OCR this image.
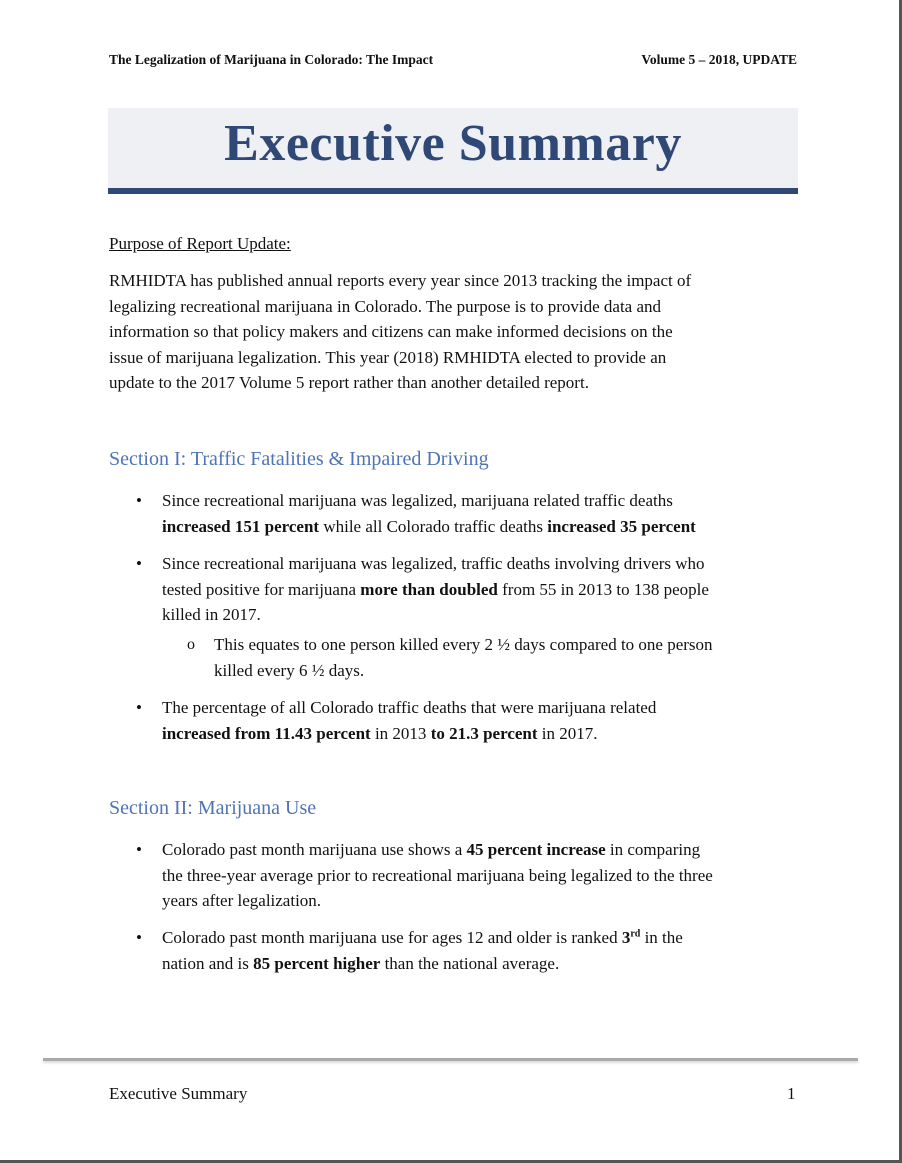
The Legalization of Marijuana in Colorado: The Impact	Volume 5 – 2018, UPDATE
Executive Summary
Purpose of Report Update:
RMHIDTA has published annual reports every year since 2013 tracking the impact of
legalizing recreational marijuana in Colorado. The purpose is to provide data and
information so that policy makers and citizens can make informed decisions on the
issue of marijuana legalization. This year (2018) RMHIDTA elected to provide an
update to the 2017 Volume 5 report rather than another detailed report.
Section I: Traffic Fatalities & Impaired Driving
• Since recreational marijuana was legalized, marijuana related traffic deaths
increased 151 percent while all Colorado traffic deaths increased 35 percent
• Since recreational marijuana was legalized, traffic deaths involving drivers who
tested positive for marijuana more than doubled from 55 in 2013 to 138 people
killed in 2017.
o This equates to one person killed every 2 ½ days compared to one person
killed every 6 ½ days.
• The percentage of all Colorado traffic deaths that were marijuana related
increased from 11.43 percent in 2013 to 21.3 percent in 2017.
Section II: Marijuana Use
• Colorado past month marijuana use shows a 45 percent increase in comparing
the three-year average prior to recreational marijuana being legalized to the three
years after legalization.
• Colorado past month marijuana use for ages 12 and older is ranked 3rd in the
nation and is 85 percent higher than the national average.
Executive Summary	1
